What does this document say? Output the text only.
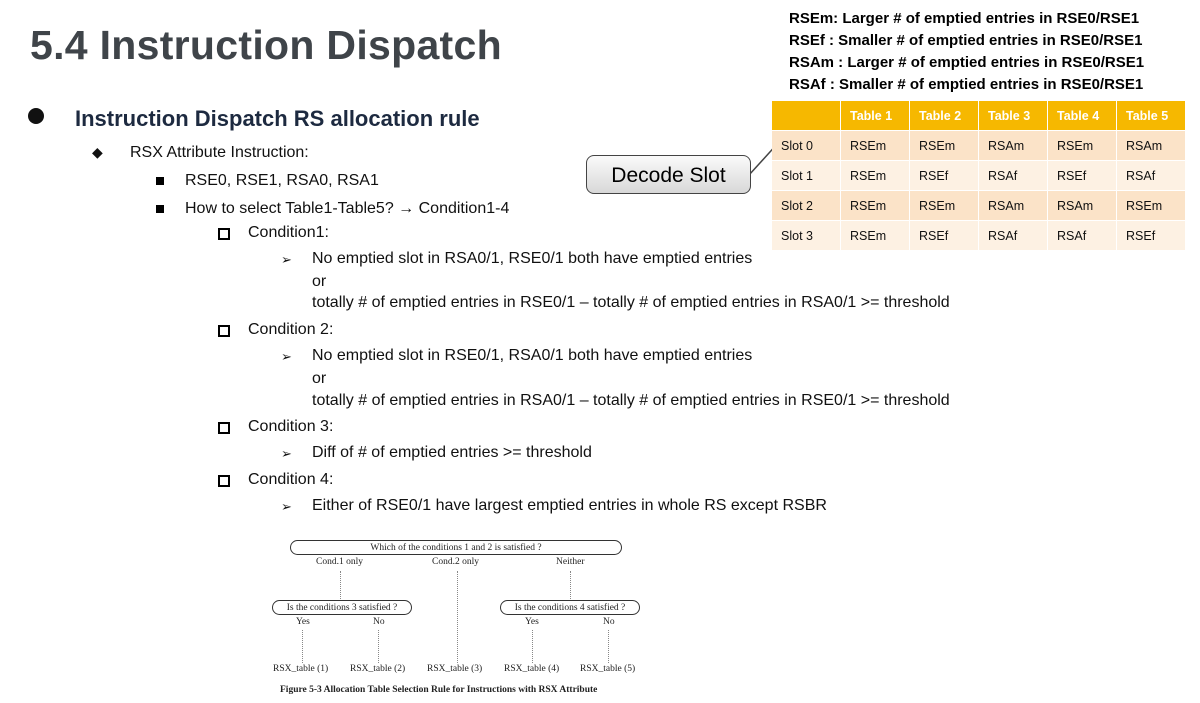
5.4 Instruction Dispatch
RSEm: Larger # of emptied entries in RSE0/RSE1
RSEf : Smaller # of emptied entries in RSE0/RSE1
RSAm : Larger # of emptied entries in RSE0/RSE1
RSAf : Smaller # of emptied entries in RSE0/RSE1
Instruction Dispatch RS allocation rule
◆ RSX Attribute Instruction:
RSE0, RSE1, RSA0, RSA1
How to select Table1-Table5? → Condition1-4
Condition1:
➢ No emptied slot in RSA0/1, RSE0/1 both have emptied entries
or
totally # of emptied entries in RSE0/1 – totally # of emptied entries in RSA0/1 >= threshold
Condition 2:
➢ No emptied slot in RSE0/1, RSA0/1 both have emptied entries
or
totally # of emptied entries in RSA0/1 – totally # of emptied entries in RSE0/1 >= threshold
Condition 3:
➢ Diff of # of emptied entries >= threshold
Condition 4:
➢ Either of RSE0/1 have largest emptied entries in whole RS except RSBR
Decode Slot
	Table 1	Table 2	Table 3	Table 4	Table 5
Slot 0	RSEm	RSEm	RSAm	RSEm	RSAm
Slot 1	RSEm	RSEf	RSAf	RSEf	RSAf
Slot 2	RSEm	RSEm	RSAm	RSAm	RSEm
Slot 3	RSEm	RSEf	RSAf	RSAf	RSEf
Which of the conditions 1 and 2 is satisfied ?
Cond.1 only	Cond.2 only	Neither
Is the conditions 3 satisfied ?	Is the conditions 4 satisfied ?
Yes	No	Yes	No
RSX_table (1) RSX_table (2) RSX_table (3) RSX_table (4) RSX_table (5)
Figure 5-3 Allocation Table Selection Rule for Instructions with RSX Attribute
